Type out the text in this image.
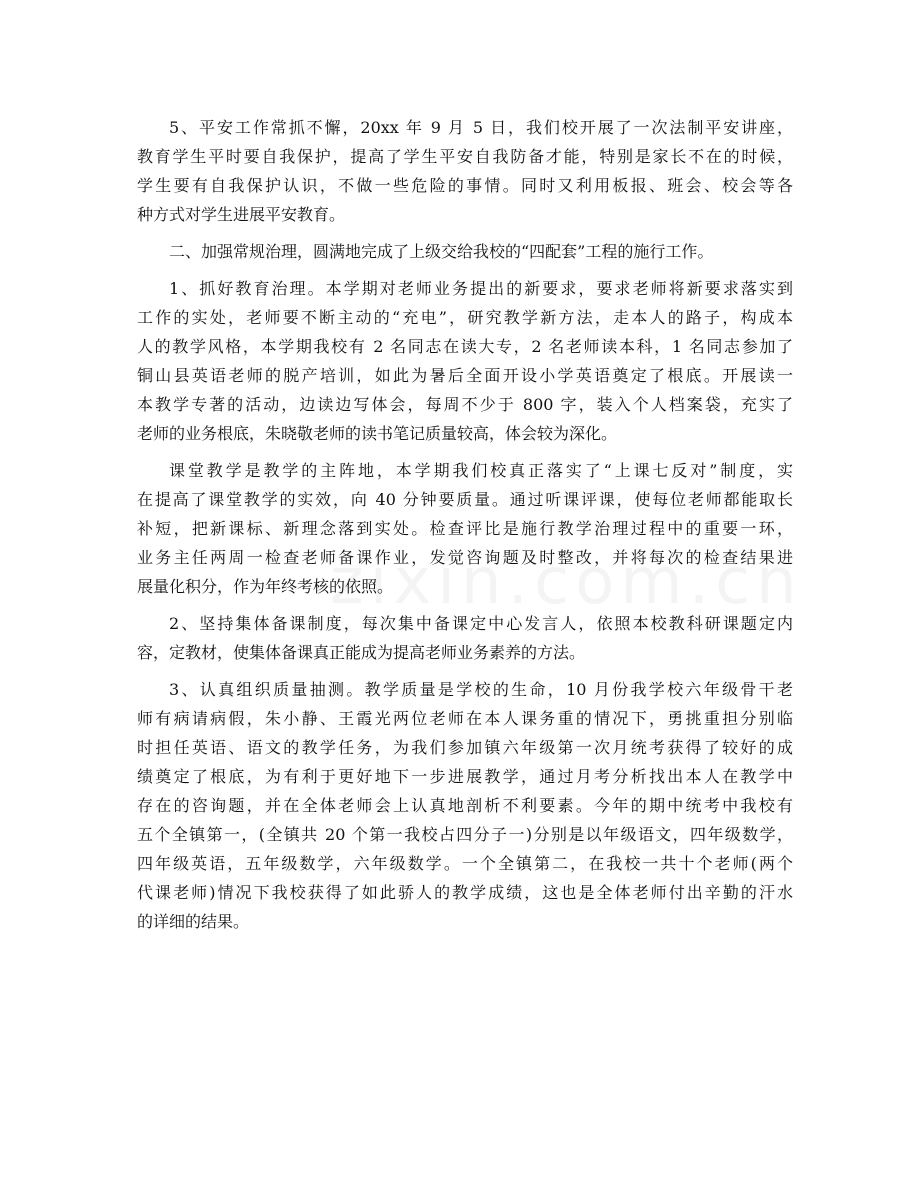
5、平安工作常抓不懈，20xx 年 9 月 5 日，我们校开展了一次法制平安讲座，
教育学生平时要自我保护，提高了学生平安自我防备才能，特别是家长不在的时候，
学生要有自我保护认识，不做一些危险的事情。同时又利用板报、班会、校会等各
种方式对学生进展平安教育。
二、加强常规治理，圆满地完成了上级交给我校的“四配套”工程的施行工作。
1、抓好教育治理。本学期对老师业务提出的新要求，要求老师将新要求落实到
工作的实处，老师要不断主动的“充电”，研究教学新方法，走本人的路子，构成本
人的教学风格，本学期我校有 2 名同志在读大专，2 名老师读本科，1 名同志参加了
铜山县英语老师的脱产培训，如此为暑后全面开设小学英语奠定了根底。开展读一
本教学专著的活动，边读边写体会，每周不少于 800 字，装入个人档案袋，充实了
老师的业务根底，朱晓敬老师的读书笔记质量较高，体会较为深化。
课堂教学是教学的主阵地，本学期我们校真正落实了“上课七反对”制度，实
在提高了课堂教学的实效，向 40 分钟要质量。通过听课评课，使每位老师都能取长
补短，把新课标、新理念落到实处。检查评比是施行教学治理过程中的重要一环，
业务主任两周一检查老师备课作业，发觉咨询题及时整改，并将每次的检查结果进
展量化积分，作为年终考核的依照。
2、坚持集体备课制度，每次集中备课定中心发言人，依照本校教科研课题定内
容，定教材，使集体备课真正能成为提高老师业务素养的方法。
3、认真组织质量抽测。教学质量是学校的生命，10 月份我学校六年级骨干老
师有病请病假，朱小静、王霞光两位老师在本人课务重的情况下，勇挑重担分别临
时担任英语、语文的教学任务，为我们参加镇六年级第一次月统考获得了较好的成
绩奠定了根底，为有利于更好地下一步进展教学，通过月考分析找出本人在教学中
存在的咨询题，并在全体老师会上认真地剖析不利要素。今年的期中统考中我校有
五个全镇第一，(全镇共 20 个第一我校占四分子一)分别是以年级语文，四年级数学，
四年级英语，五年级数学，六年级数学。一个全镇第二，在我校一共十个老师(两个
代课老师)情况下我校获得了如此骄人的教学成绩，这也是全体老师付出辛勤的汗水
的详细的结果。
